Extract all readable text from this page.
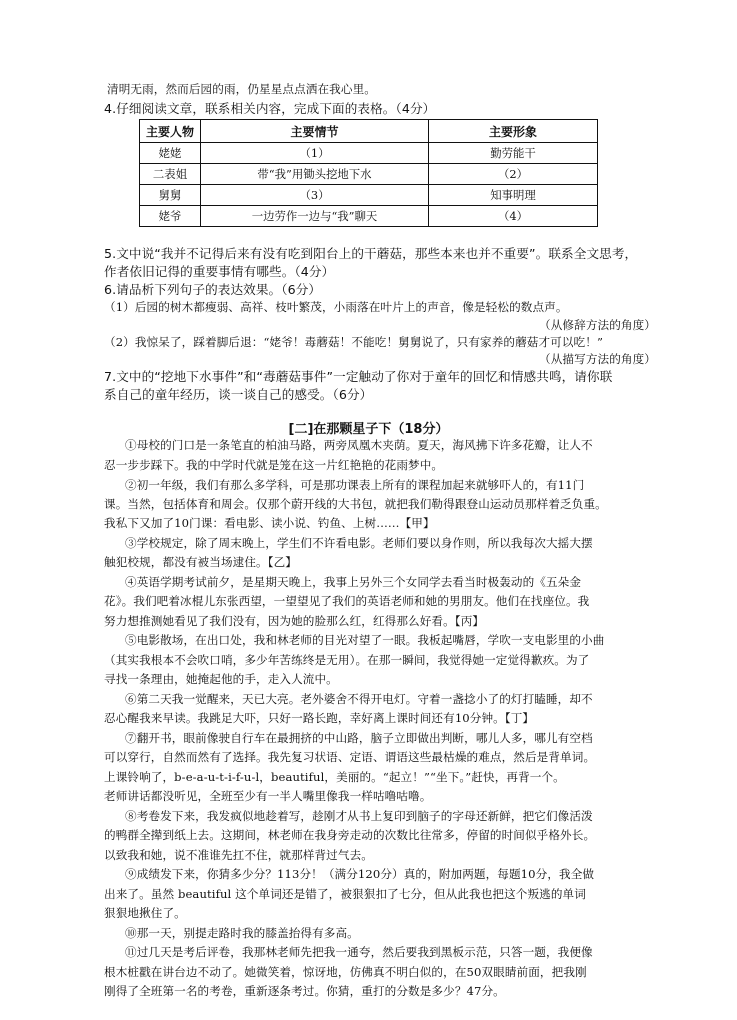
清明无雨，然而后园的雨，仍星星点点洒在我心里。
4.仔细阅读文章，联系相关内容，完成下面的表格。（4分）
主要人物	主要情节	主要形象
姥姥	（1）	勤劳能干
二表姐	带“我”用锄头挖地下水	（2）
舅舅	（3）	知事明理
姥爷	一边劳作一边与“我”聊天	（4）
5.文中说“我并不记得后来有没有吃到阳台上的干蘑菇，那些本来也并不重要”。联系全文思考，
作者依旧记得的重要事情有哪些。（4分）
6.请品析下列句子的表达效果。（6分）
（1）后园的树木都瘦弱、高祥、枝叶繁茂，小雨落在叶片上的声音，像是轻松的数点声。
（从修辞方法的角度）
（2）我惊呆了，踩着脚后退：“姥爷！毒蘑菇！不能吃！舅舅说了，只有家养的蘑菇才可以吃！”
（从描写方法的角度）
7.文中的“挖地下水事件”和“毒蘑菇事件”一定触动了你对于童年的回忆和情感共鸣，请你联
系自己的童年经历，谈一谈自己的感受。（6分）
[二]在那颗星子下（18分）
①母校的门口是一条笔直的柏油马路，两旁凤凰木夹荫。夏天，海风拂下许多花瓣，让人不
忍一步步踩下。我的中学时代就是笼在这一片红艳艳的花雨梦中。
②初一年级，我们有那么多学科，可是那功课表上所有的课程加起来就够吓人的，有11门
课。当然，包括体育和周会。仅那个蔚开线的大书包，就把我们勒得跟登山运动员那样着乏负重。
我私下又加了10门课：看电影、读小说、钓鱼、上树……【甲】
③学校规定，除了周末晚上，学生们不许看电影。老师们要以身作则，所以我每次大摇大摆
触犯校规，都没有被当场逮住。【乙】
④英语学期考试前夕，是星期天晚上，我事上另外三个女同学去看当时极轰动的《五朵金
花》。我们吧着冰棍儿东张西望，一望望见了我们的英语老师和她的男朋友。他们在找座位。我
努力想推测她看见了我们没有，因为她的脸那么红，红得那么好看。【丙】
⑤电影散场，在出口处，我和林老师的目光对望了一眼。我板起嘴唇，学吹一支电影里的小曲
（其实我根本不会吹口哨，多少年苦练终是无用）。在那一瞬间，我觉得她一定觉得歉疚。为了
寻找一条理由，她掩起他的手，走入人流中。
⑥第二天我一觉醒来，天已大亮。老外婆舍不得开电灯。守着一盏捻小了的灯打瞌睡，却不
忍心醒我来早读。我跳足大吓，只好一路长跑，幸好离上课时间还有10分钟。【丁】
⑦翻开书，眼前像驶自行车在最拥挤的中山路，脑子立即做出判断，哪儿人多，哪儿有空档
可以穿行，自然而然有了选择。我先复习状语、定语、谓语这些最枯燥的难点，然后是背单词。
上课铃响了，b-e-a-u-t-i-f-u-l，beautiful，美丽的。“起立！”“坐下。”赶快，再背一个。
老师讲话都没听见，全班至少有一半人嘴里像我一样咕噜咕噜。
⑧考卷发下来，我发疯似地趁着写，趁刚才从书上复印到脑子的字母还新鲜，把它们像活泼
的鸭群全撵到纸上去。这期间，林老师在我身旁走动的次数比往常多，停留的时间似乎格外长。
以致我和她，说不准谁先扛不住，就那样背过气去。
⑨成绩发下来，你猜多少分？113分！（满分120分）真的，附加两题，每题10分，我全做
出来了。虽然 beautiful 这个单词还是错了，被狠狠扣了七分，但从此我也把这个叛逃的单词
狠狠地揪住了。
⑩那一天，别提走路时我的膝盖抬得有多高。
⑪过几天是考后评卷，我那林老师先把我一通夸，然后要我到黑板示范，只答一题，我便像
根木桩戳在讲台边不动了。她微笑着，惊讶地，仿佛真不明白似的，在50双眼睛前面，把我刚
刚得了全班第一名的考卷，重新逐条考过。你猜，重打的分数是多少？47分。
